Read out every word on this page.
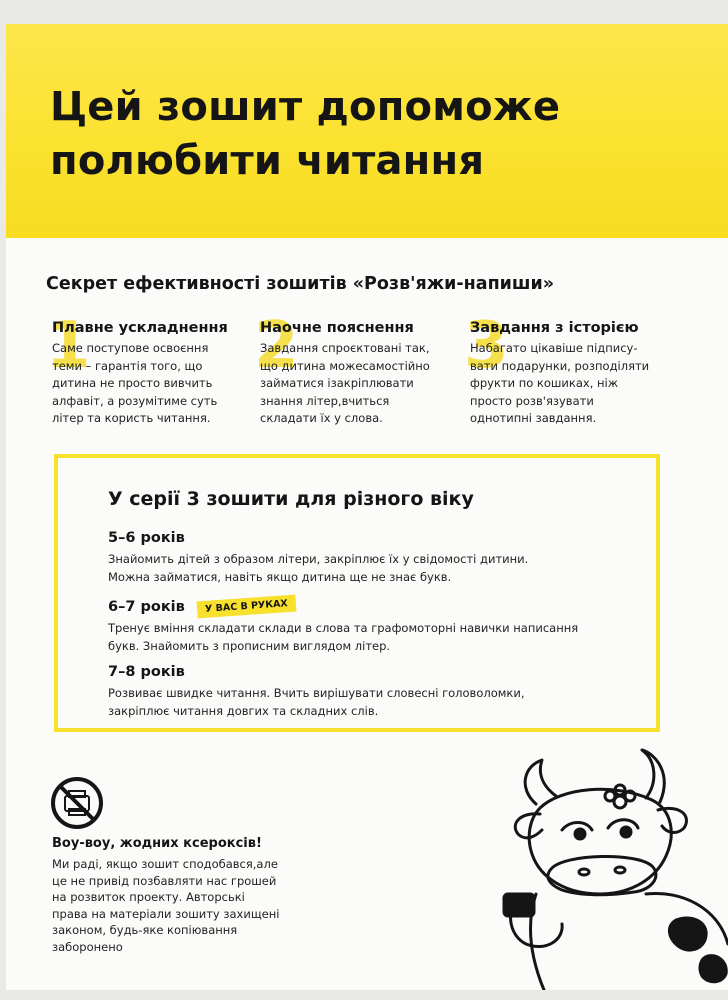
Цей зошит допоможе
полюбити читання
Секрет ефективності зошитів «Розв'яжи-напиши»
1
Плавне ускладнення
Саме поступове освоєння
теми – гарантія того, що
дитина не просто вивчить
алфавіт, а розумітиме суть
літер та користь читання.
2
Наочне пояснення
Завдання спроєктовані так,
що дитина можесамостійно
займатися ізакріплювати
знання літер,вчиться
складати їх у слова.
3
Завдання з історією
Набагато цікавіше підпису-
вати подарунки, розподіляти
фрукти по кошиках, ніж
просто розв'язувати
однотипні завдання.
У серії 3 зошити для різного віку
5–6 років
Знайомить дітей з образом літери, закріплює їх у свідомості дитини.
Можна займатися, навіть якщо дитина ще не знає букв.
6–7 років	У ВАС В РУКАХ
Тренує вміння складати склади в слова та графомоторні навички написання
букв. Знайомить з прописним виглядом літер.
7–8 років
Розвиває швидке читання. Вчить вирішувати словесні головоломки,
закріплює читання довгих та складних слів.
Воу-воу, жодних ксероксів!
Ми раді, якщо зошит сподобався,але
це не привід позбавляти нас грошей
на розвиток проекту. Авторські
права на матеріали зошиту захищені
законом, будь-яке копіювання
заборонено
